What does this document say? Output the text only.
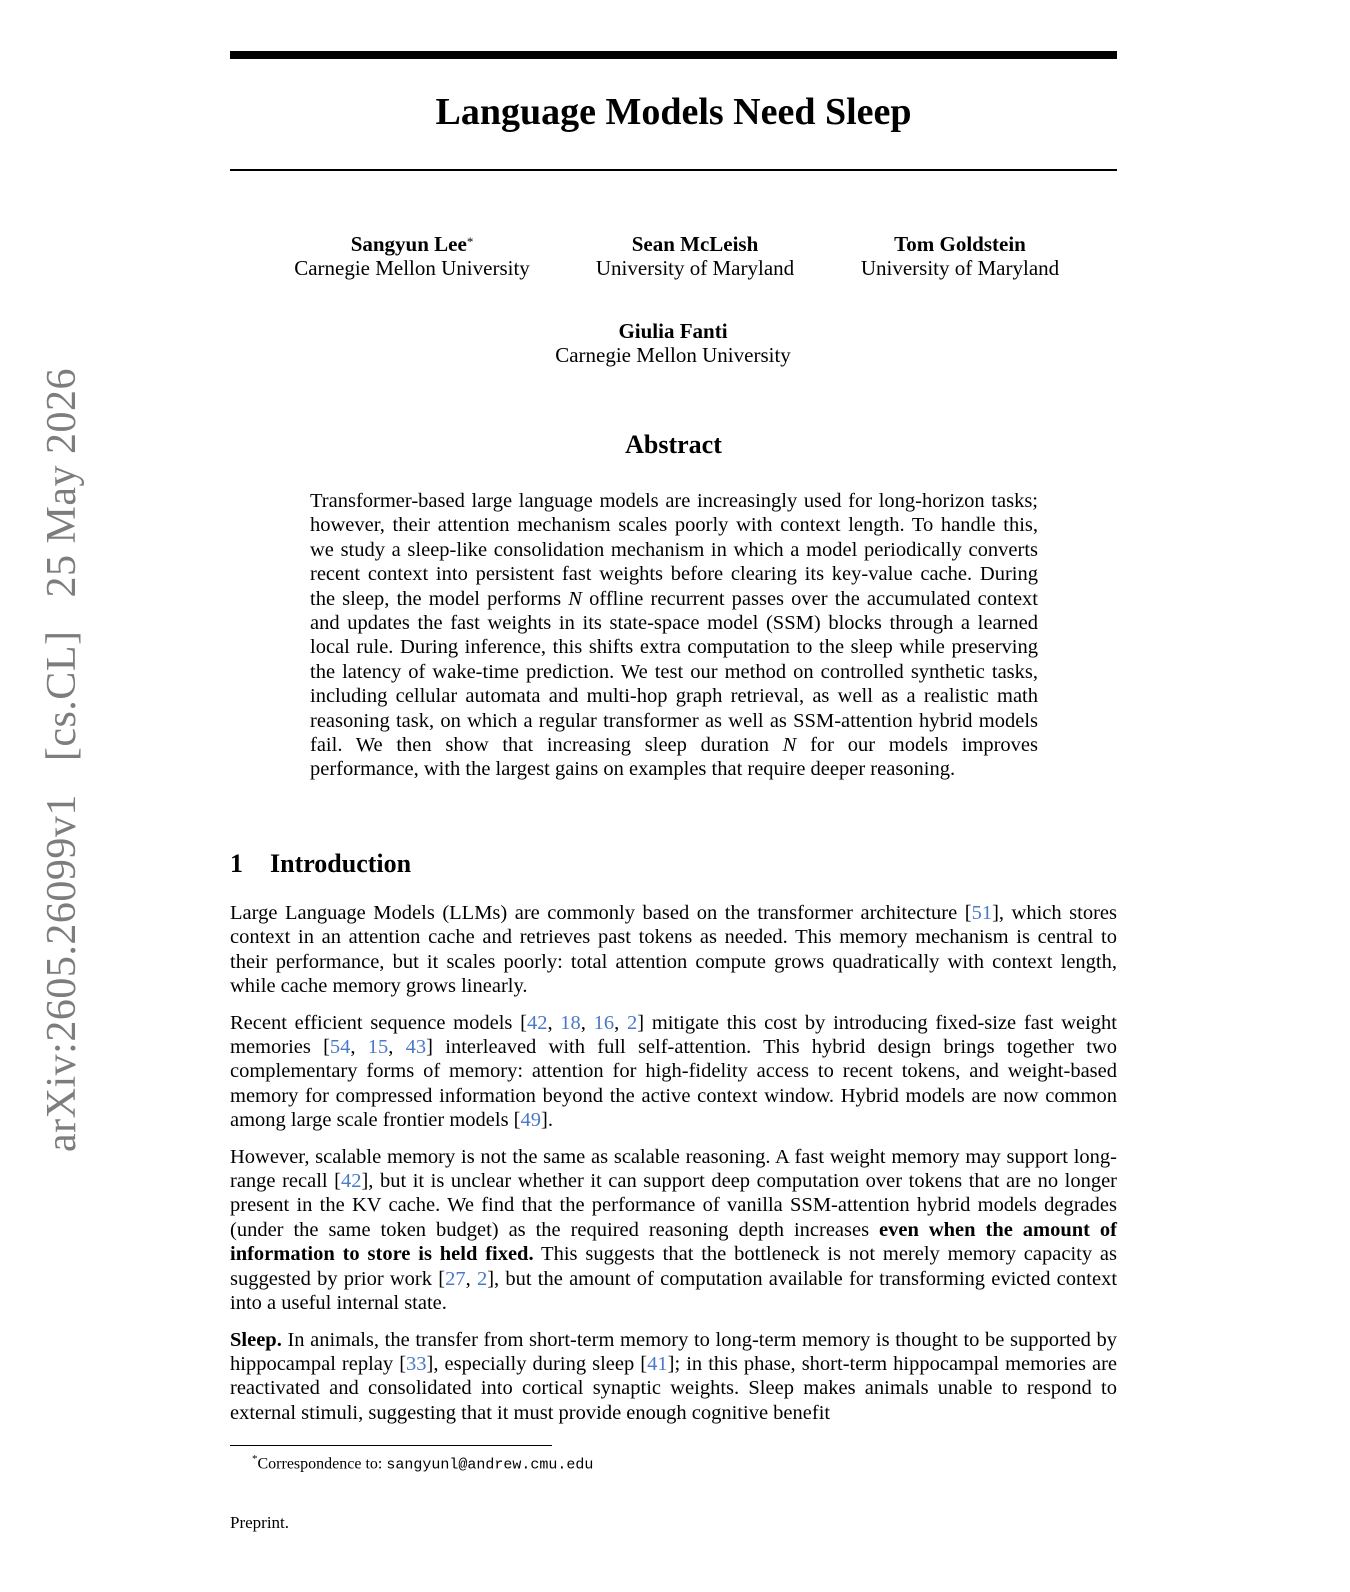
arXiv:2605.26099v1 [cs.CL] 25 May 2026
Language Models Need Sleep
Sangyun Lee*
Carnegie Mellon University
Sean McLeish
University of Maryland
Tom Goldstein
University of Maryland
Giulia Fanti
Carnegie Mellon University
Abstract
Transformer-based large language models are increasingly used for long-horizon tasks; however, their attention mechanism scales poorly with context length. To handle this, we study a sleep-like consolidation mechanism in which a model periodically converts recent context into persistent fast weights before clearing its key-value cache. During the sleep, the model performs N offline recurrent passes over the accumulated context and updates the fast weights in its state-space model (SSM) blocks through a learned local rule. During inference, this shifts extra computation to the sleep while preserving the latency of wake-time prediction. We test our method on controlled synthetic tasks, including cellular automata and multi-hop graph retrieval, as well as a realistic math reasoning task, on which a regular transformer as well as SSM-attention hybrid models fail. We then show that increasing sleep duration N for our models improves performance, with the largest gains on examples that require deeper reasoning.
1 Introduction

Large Language Models (LLMs) are commonly based on the transformer architecture [51], which stores context in an attention cache and retrieves past tokens as needed. This memory mechanism is central to their performance, but it scales poorly: total attention compute grows quadratically with context length, while cache memory grows linearly.

Recent efficient sequence models [42, 18, 16, 2] mitigate this cost by introducing fixed-size fast weight memories [54, 15, 43] interleaved with full self-attention. This hybrid design brings together two complementary forms of memory: attention for high-fidelity access to recent tokens, and weight-based memory for compressed information beyond the active context window. Hybrid models are now common among large scale frontier models [49].

However, scalable memory is not the same as scalable reasoning. A fast weight memory may support long-range recall [42], but it is unclear whether it can support deep computation over tokens that are no longer present in the KV cache. We find that the performance of vanilla SSM-attention hybrid models degrades (under the same token budget) as the required reasoning depth increases even when the amount of information to store is held fixed. This suggests that the bottleneck is not merely memory capacity as suggested by prior work [27, 2], but the amount of computation available for transforming evicted context into a useful internal state.

Sleep. In animals, the transfer from short-term memory to long-term memory is thought to be supported by hippocampal replay [33], especially during sleep [41]; in this phase, short-term hippocampal memories are reactivated and consolidated into cortical synaptic weights. Sleep makes animals unable to respond to external stimuli, suggesting that it must provide enough cognitive benefit

*Correspondence to: sangyunl@andrew.cmu.edu
Preprint.
